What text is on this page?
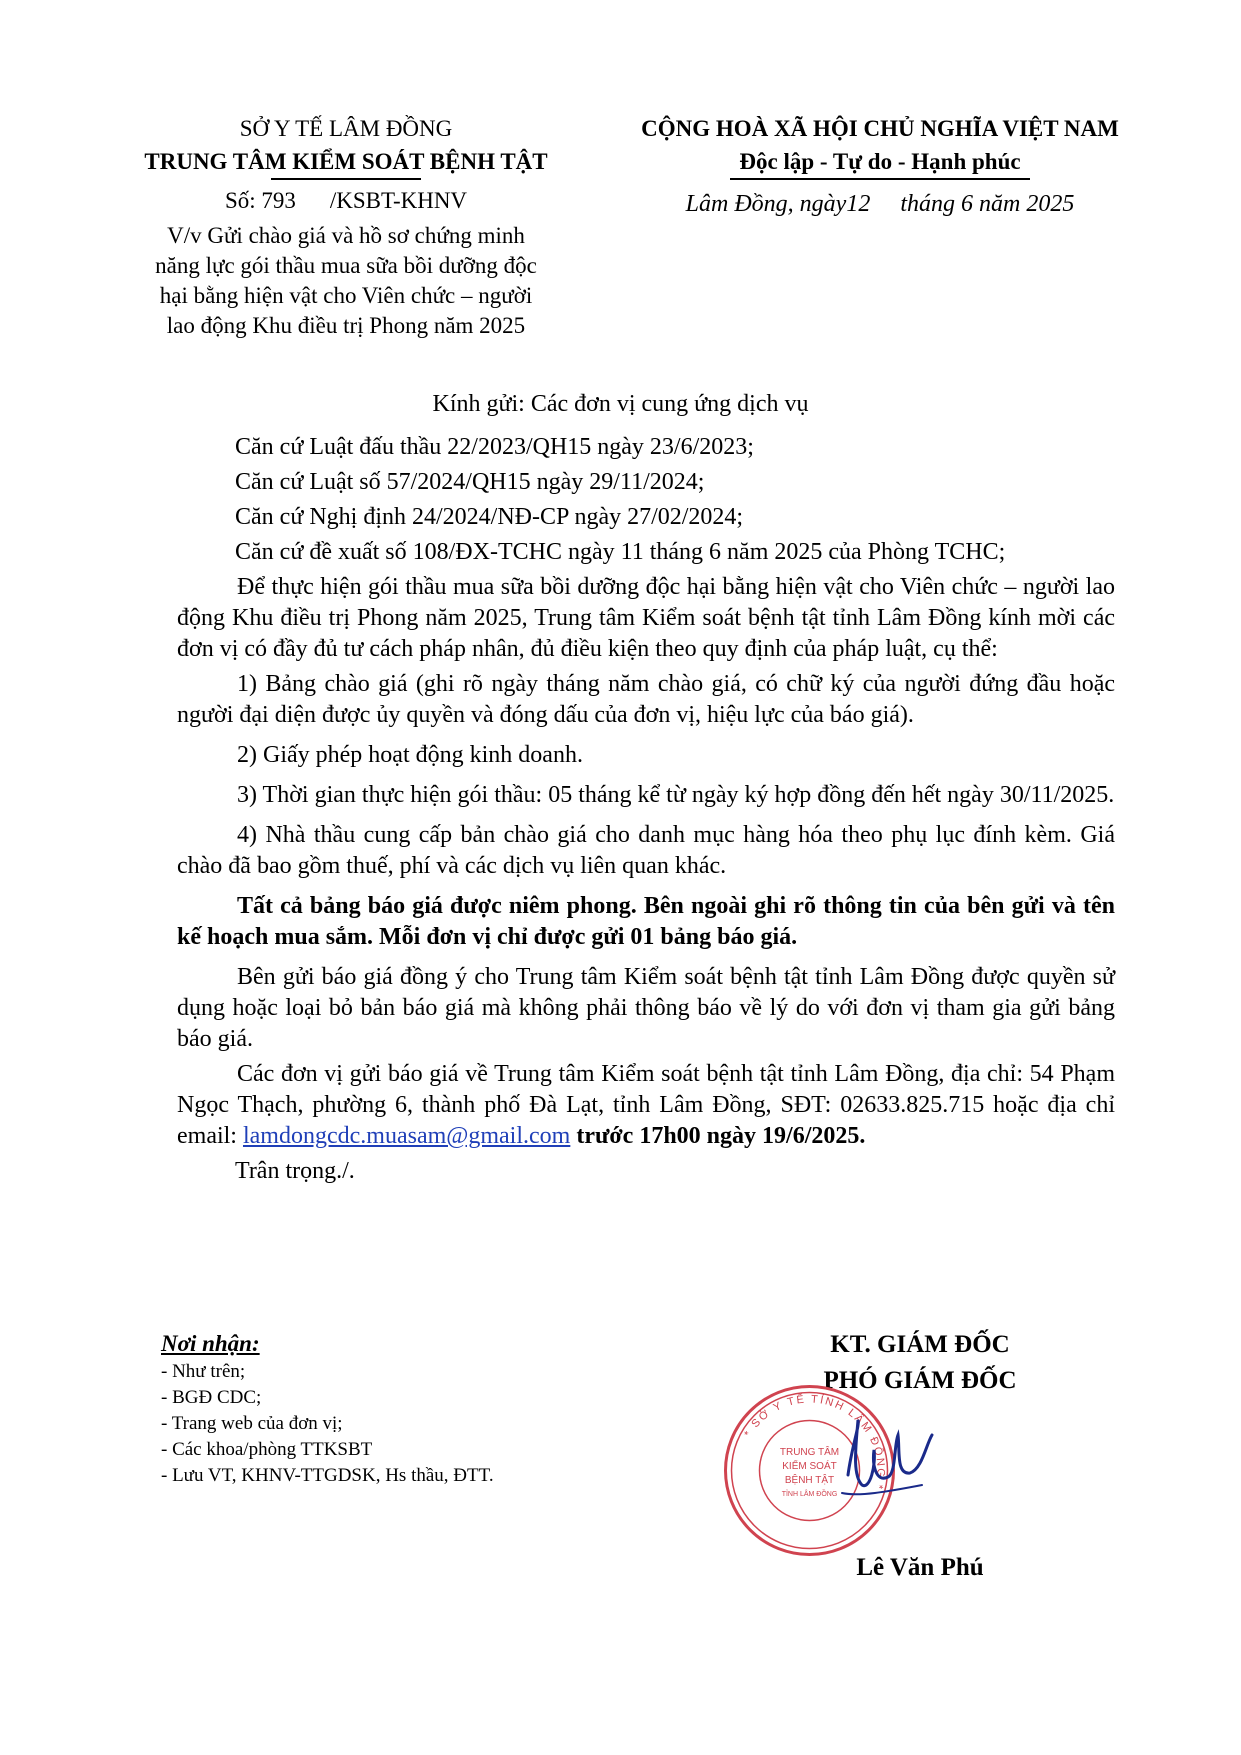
SỞ Y TẾ LÂM ĐỒNG
TRUNG TÂM KIỂM SOÁT BỆNH TẬT
Số: 793 /KSBT-KHNV
V/v Gửi chào giá và hồ sơ chứng minh năng lực gói thầu mua sữa bồi dưỡng độc hại bằng hiện vật cho Viên chức – người lao động Khu điều trị Phong năm 2025
CỘNG HOÀ XÃ HỘI CHỦ NGHĨA VIỆT NAM
Độc lập - Tự do - Hạnh phúc
Lâm Đồng, ngày12 tháng 6 năm 2025
Kính gửi: Các đơn vị cung ứng dịch vụ

Căn cứ Luật đấu thầu 22/2023/QH15 ngày 23/6/2023;

Căn cứ Luật số 57/2024/QH15 ngày 29/11/2024;

Căn cứ Nghị định 24/2024/NĐ-CP ngày 27/02/2024;

Căn cứ đề xuất số 108/ĐX-TCHC ngày 11 tháng 6 năm 2025 của Phòng TCHC;

Để thực hiện gói thầu mua sữa bồi dưỡng độc hại bằng hiện vật cho Viên chức – người lao động Khu điều trị Phong năm 2025, Trung tâm Kiểm soát bệnh tật tỉnh Lâm Đồng kính mời các đơn vị có đầy đủ tư cách pháp nhân, đủ điều kiện theo quy định của pháp luật, cụ thể:

1) Bảng chào giá (ghi rõ ngày tháng năm chào giá, có chữ ký của người đứng đầu hoặc người đại diện được ủy quyền và đóng dấu của đơn vị, hiệu lực của báo giá).

2) Giấy phép hoạt động kinh doanh.

3) Thời gian thực hiện gói thầu: 05 tháng kể từ ngày ký hợp đồng đến hết ngày 30/11/2025.

4) Nhà thầu cung cấp bản chào giá cho danh mục hàng hóa theo phụ lục đính kèm. Giá chào đã bao gồm thuế, phí và các dịch vụ liên quan khác.

Tất cả bảng báo giá được niêm phong. Bên ngoài ghi rõ thông tin của bên gửi và tên kế hoạch mua sắm. Mỗi đơn vị chỉ được gửi 01 bảng báo giá.

Bên gửi báo giá đồng ý cho Trung tâm Kiểm soát bệnh tật tỉnh Lâm Đồng được quyền sử dụng hoặc loại bỏ bản báo giá mà không phải thông báo về lý do với đơn vị tham gia gửi bảng báo giá.

Các đơn vị gửi báo giá về Trung tâm Kiểm soát bệnh tật tỉnh Lâm Đồng, địa chỉ: 54 Phạm Ngọc Thạch, phường 6, thành phố Đà Lạt, tỉnh Lâm Đồng, SĐT: 02633.825.715 hoặc địa chỉ email: lamdongcdc.muasam@gmail.com trước 17h00 ngày 19/6/2025.

Trân trọng./.

Nơi nhận:
- Như trên;
- BGĐ CDC;
- Trang web của đơn vị;
- Các khoa/phòng TTKSBT
- Lưu VT, KHNV-TTGDSK, Hs thầu, ĐTT.
KT. GIÁM ĐỐC
PHÓ GIÁM ĐỐC
* SỞ Y TẾ TỈNH LÂM ĐỒNG *
TRUNG TÂM
KIỂM SOÁT
BỆNH TẬT
TỈNH LÂM ĐỒNG
Lê Văn Phú
